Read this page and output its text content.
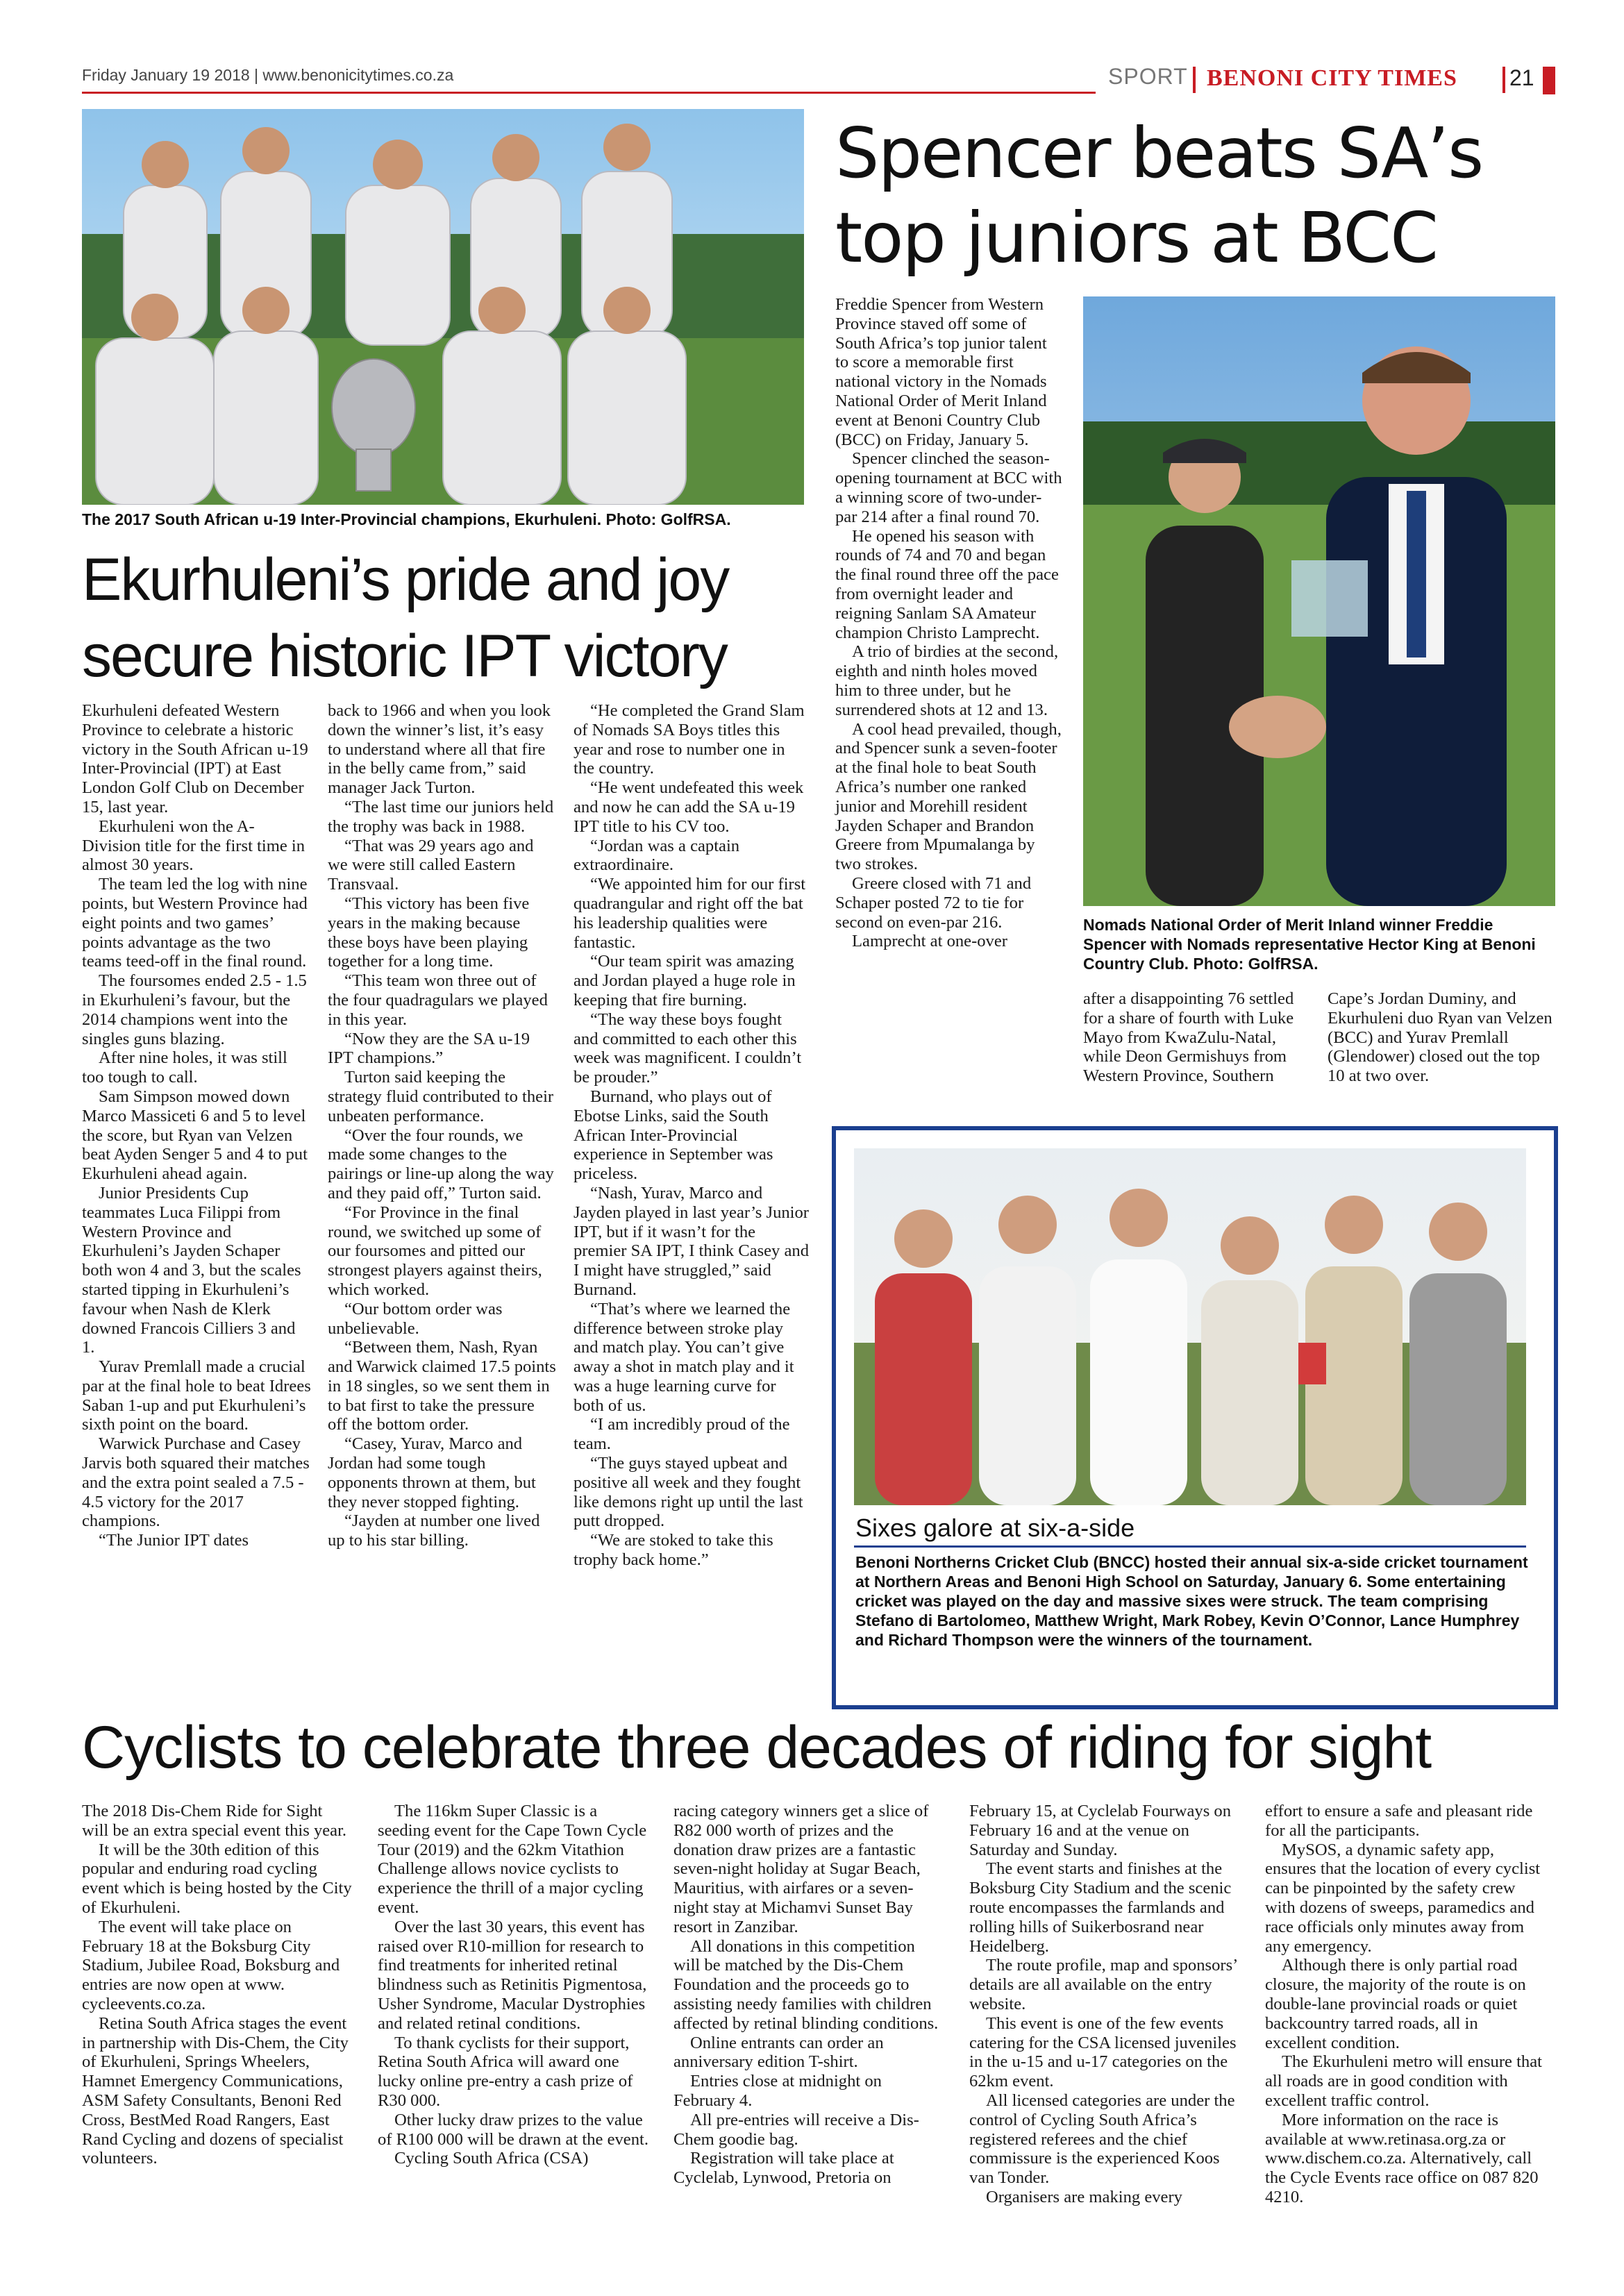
Friday January 19 2018 | www.benonicitytimes.co.za	SPORT BENONI CITY TIMES 21
The 2017 South African u-19 Inter-Provincial champions, Ekurhuleni. Photo: GolfRSA.
Ekurhuleni’s pride and joy secure historic IPT victory

Ekurhuleni defeated Western Province to celebrate a historic victory in the South African u-19 Inter-Provincial (IPT) at East London Golf Club on December 15, last year.

Ekurhuleni won the A-Division title for the first time in almost 30 years.

The team led the log with nine points, but Western Province had eight points and two games’ points advantage as the two teams teed-off in the final round.

The foursomes ended 2.5 - 1.5 in Ekurhuleni’s favour, but the 2014 champions went into the singles guns blazing.

After nine holes, it was still too tough to call.

Sam Simpson mowed down Marco Massiceti 6 and 5 to level the score, but Ryan van Velzen beat Ayden Senger 5 and 4 to put Ekurhuleni ahead again.

Junior Presidents Cup teammates Luca Filippi from Western Province and Ekurhuleni’s Jayden Schaper both won 4 and 3, but the scales started tipping in Ekurhuleni’s favour when Nash de Klerk downed Francois Cilliers 3 and 1.

Yurav Premlall made a crucial par at the final hole to beat Idrees Saban 1-up and put Ekurhuleni’s sixth point on the board.

Warwick Purchase and Casey Jarvis both squared their matches and the extra point sealed a 7.5 - 4.5 victory for the 2017 champions.

“The Junior IPT dates

back to 1966 and when you look down the winner’s list, it’s easy to understand where all that fire in the belly came from,” said manager Jack Turton.

“The last time our juniors held the trophy was back in 1988.

“That was 29 years ago and we were still called Eastern Transvaal.

“This victory has been five years in the making because these boys have been playing together for a long time.

“This team won three out of the four quadragulars we played in this year.

“Now they are the SA u-19 IPT champions.”

Turton said keeping the strategy fluid contributed to their unbeaten performance.

“Over the four rounds, we made some changes to the pairings or line-up along the way and they paid off,” Turton said.

“For Province in the final round, we switched up some of our foursomes and pitted our strongest players against theirs, which worked.

“Our bottom order was unbelievable.

“Between them, Nash, Ryan and Warwick claimed 17.5 points in 18 singles, so we sent them in to bat first to take the pressure off the bottom order.

“Casey, Yurav, Marco and Jordan had some tough opponents thrown at them, but they never stopped fighting.

“Jayden at number one lived up to his star billing.

“He completed the Grand Slam of Nomads SA Boys titles this year and rose to number one in the country.

“He went undefeated this week and now he can add the SA u-19 IPT title to his CV too.

“Jordan was a captain extraordinaire.

“We appointed him for our first quadrangular and right off the bat his leadership qualities were fantastic.

“Our team spirit was amazing and Jordan played a huge role in keeping that fire burning.

“The way these boys fought and committed to each other this week was magnificent. I couldn’t be prouder.”

Burnand, who plays out of Ebotse Links, said the South African Inter-Provincial experience in September was priceless.

“Nash, Yurav, Marco and Jayden played in last year’s Junior IPT, but if it wasn’t for the premier SA IPT, I think Casey and I might have struggled,” said Burnand.

“That’s where we learned the difference between stroke play and match play. You can’t give away a shot in match play and it was a huge learning curve for both of us.

“I am incredibly proud of the team.

“The guys stayed upbeat and positive all week and they fought like demons right up until the last putt dropped.

“We are stoked to take this trophy back home.”

Spencer beats SA’s top juniors at BCC

Freddie Spencer from Western Province staved off some of South Africa’s top junior talent to score a memorable first national victory in the Nomads National Order of Merit Inland event at Benoni Country Club (BCC) on Friday, January 5.

Spencer clinched the season-opening tournament at BCC with a winning score of two-under-par 214 after a final round 70.

He opened his season with rounds of 74 and 70 and began the final round three off the pace from overnight leader and reigning Sanlam SA Amateur champion Christo Lamprecht.

A trio of birdies at the second, eighth and ninth holes moved him to three under, but he surrendered shots at 12 and 13.

A cool head prevailed, though, and Spencer sunk a seven-footer at the final hole to beat South Africa’s number one ranked junior and Morehill resident Jayden Schaper and Brandon Greere from Mpumalanga by two strokes.

Greere closed with 71 and Schaper posted 72 to tie for second on even-par 216.

Lamprecht at one-over

Nomads National Order of Merit Inland winner Freddie Spencer with Nomads representative Hector King at Benoni Country Club. Photo: GolfRSA.

after a disappointing 76 settled for a share of fourth with Luke Mayo from KwaZulu-Natal, while Deon Germishuys from Western Province, Southern

Cape’s Jordan Duminy, and Ekurhuleni duo Ryan van Velzen (BCC) and Yurav Premlall (Glendower) closed out the top 10 at two over.

Sixes galore at six-a-side
Benoni Northerns Cricket Club (BNCC) hosted their annual six-a-side cricket tournament at Northern Areas and Benoni High School on Saturday, January 6. Some entertaining cricket was played on the day and massive sixes were struck. The team comprising Stefano di Bartolomeo, Matthew Wright, Mark Robey, Kevin O’Connor, Lance Humphrey and Richard Thompson were the winners of the tournament.
Cyclists to celebrate three decades of riding for sight

The 2018 Dis-Chem Ride for Sight will be an extra special event this year.

It will be the 30th edition of this popular and enduring road cycling event which is being hosted by the City of Ekurhuleni.

The event will take place on February 18 at the Boksburg City Stadium, Jubilee Road, Boksburg and entries are now open at www. cycleevents.co.za.

Retina South Africa stages the event in partnership with Dis-Chem, the City of Ekurhuleni, Springs Wheelers, Hamnet Emergency Communications, ASM Safety Consultants, Benoni Red Cross, BestMed Road Rangers, East Rand Cycling and dozens of specialist volunteers.

The 116km Super Classic is a seeding event for the Cape Town Cycle Tour (2019) and the 62km Vitathion Challenge allows novice cyclists to experience the thrill of a major cycling event.

Over the last 30 years, this event has raised over R10-million for research to find treatments for inherited retinal blindness such as Retinitis Pigmentosa, Usher Syndrome, Macular Dystrophies and related retinal conditions.

To thank cyclists for their support, Retina South Africa will award one lucky online pre-entry a cash prize of R30 000.

Other lucky draw prizes to the value of R100 000 will be drawn at the event.

Cycling South Africa (CSA)

racing category winners get a slice of R82 000 worth of prizes and the donation draw prizes are a fantastic seven-night holiday at Sugar Beach, Mauritius, with airfares or a seven-night stay at Michamvi Sunset Bay resort in Zanzibar.

All donations in this competition will be matched by the Dis-Chem Foundation and the proceeds go to assisting needy families with children affected by retinal blinding conditions.

Online entrants can order an anniversary edition T-shirt.

Entries close at midnight on February 4.

All pre-entries will receive a Dis-Chem goodie bag.

Registration will take place at Cyclelab, Lynwood, Pretoria on

February 15, at Cyclelab Fourways on February 16 and at the venue on Saturday and Sunday.

The event starts and finishes at the Boksburg City Stadium and the scenic route encompasses the farmlands and rolling hills of Suikerbosrand near Heidelberg.

The route profile, map and sponsors’ details are all available on the entry website.

This event is one of the few events catering for the CSA licensed juveniles in the u-15 and u-17 categories on the 62km event.

All licensed categories are under the control of Cycling South Africa’s registered referees and the chief commissure is the experienced Koos van Tonder.

Organisers are making every

effort to ensure a safe and pleasant ride for all the participants.

MySOS, a dynamic safety app, ensures that the location of every cyclist can be pinpointed by the safety crew with dozens of sweeps, paramedics and race officials only minutes away from any emergency.

Although there is only partial road closure, the majority of the route is on double-lane provincial roads or quiet backcountry tarred roads, all in excellent condition.

The Ekurhuleni metro will ensure that all roads are in good condition with excellent traffic control.

More information on the race is available at www.retinasa.org.za or www.dischem.co.za. Alternatively, call the Cycle Events race office on 087 820 4210.
